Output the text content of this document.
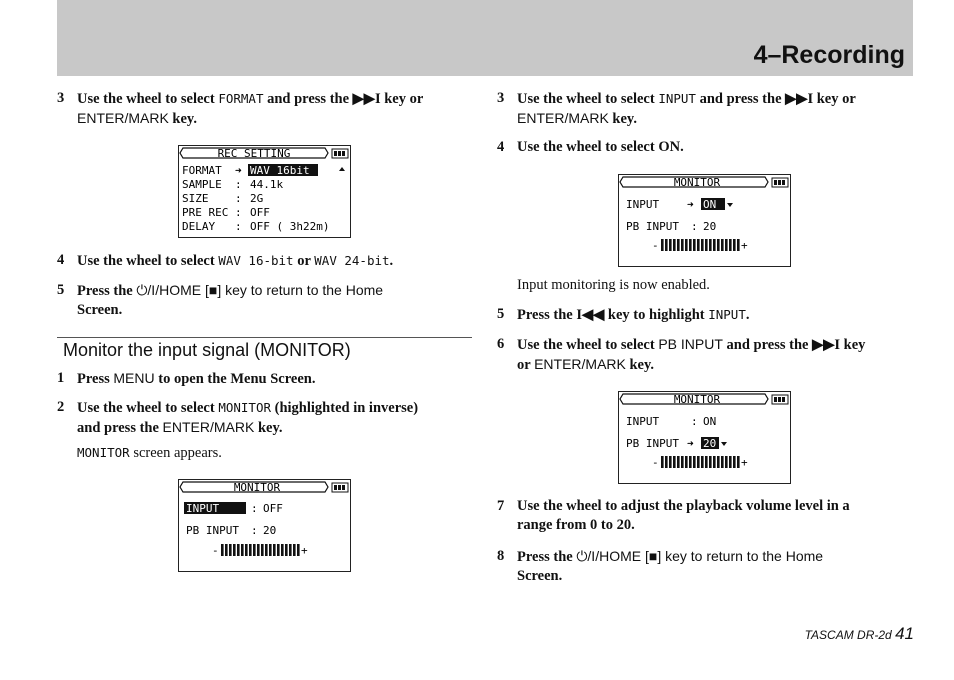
4–Recording
3 Use the wheel to select FORMAT and press the ▶▶I key or
ENTER/MARK key.
REC SETTING
FORMAT ➜ WAV 16bit
SAMPLE : 44.1k
SIZE : 2G
PRE REC : OFF
DELAY : OFF ( 3h22m)
4 Use the wheel to select WAV 16-bit or WAV 24-bit.
5 Press the ⏻/I/HOME [■] key to return to the Home
Screen.
Monitor the input signal (MONITOR)
1 Press MENU to open the Menu Screen.
2 Use the wheel to select MONITOR (highlighted in inverse)
and press the ENTER/MARK key.
MONITOR screen appears.
MONITOR
INPUT	: OFF
PB INPUT : 20
-	+
3 Use the wheel to select INPUT and press the ▶▶I key or
ENTER/MARK key.
4 Use the wheel to select ON.
MONITOR
INPUT	➜ ON
PB INPUT : 20
-	+
Input monitoring is now enabled.
5 Press the I◀◀ key to highlight INPUT.
6 Use the wheel to select PB INPUT and press the ▶▶I key
or ENTER/MARK key.
MONITOR
INPUT	: ON
PB INPUT ➜ 20
-	+
7 Use the wheel to adjust the playback volume level in a
range from 0 to 20.
8 Press the ⏻/I/HOME [■] key to return to the Home
Screen.
TASCAM DR-2d 41
